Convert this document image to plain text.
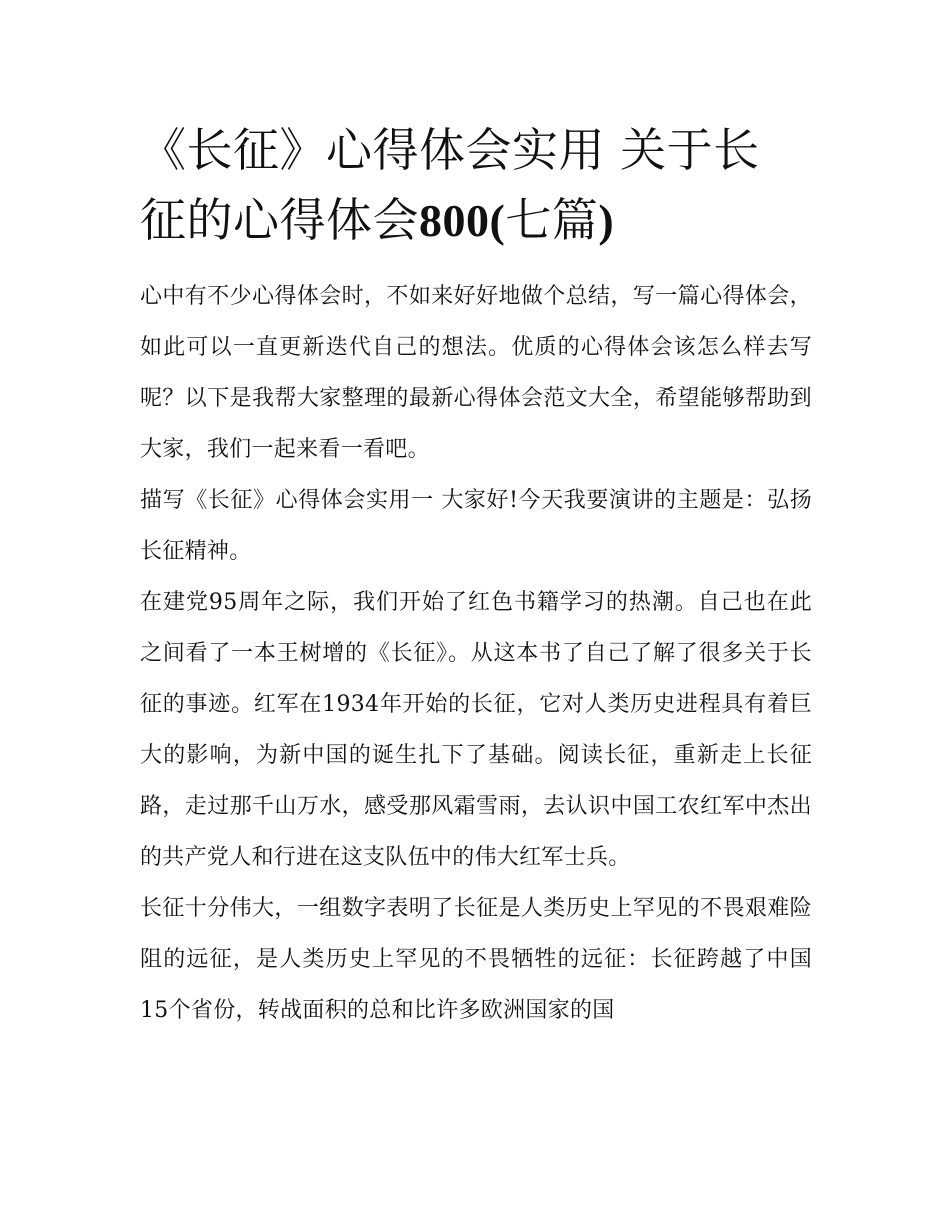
《长征》心得体会实用 关于长
征的心得体会800(七篇)

心中有不少心得体会时，不如来好好地做个总结，写一篇心得体会，如此可以一直更新迭代自己的想法。优质的心得体会该怎么样去写呢？以下是我帮大家整理的最新心得体会范文大全，希望能够帮助到大家，我们一起来看一看吧。

描写《长征》心得体会实用一 大家好!今天我要演讲的主题是：弘扬长征精神。

在建党95周年之际，我们开始了红色书籍学习的热潮。自己也在此之间看了一本王树增的《长征》。从这本书了自己了解了很多关于长征的事迹。红军在1934年开始的长征，它对人类历史进程具有着巨大的影响，为新中国的诞生扎下了基础。阅读长征，重新走上长征路，走过那千山万水，感受那风霜雪雨，去认识中国工农红军中杰出的共产党人和行进在这支队伍中的伟大红军士兵。

长征十分伟大，一组数字表明了长征是人类历史上罕见的不畏艰难险阻的远征，是人类历史上罕见的不畏牺牲的远征：长征跨越了中国15个省份，转战面积的总和比许多欧洲国家的国
